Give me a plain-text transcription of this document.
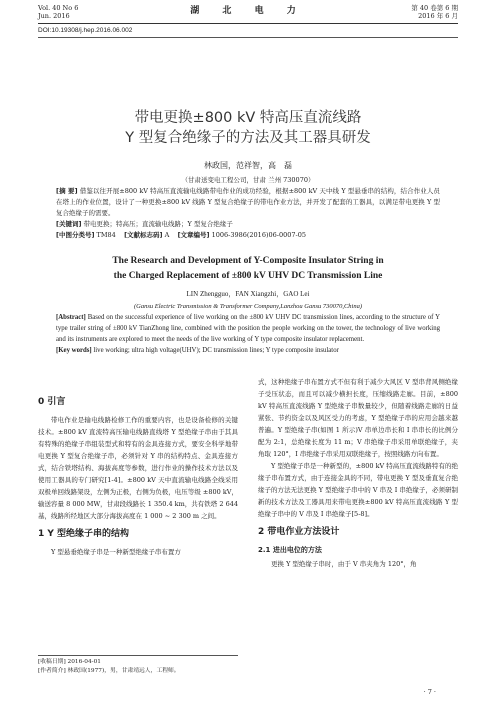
Vol. 40 No 6
Jun. 2016	湖 北 电 力	第 40 卷第 6 期
2016 年 6 月
DOI:10.19308/j.hep.2016.06.002
带电更换±800 kV 特高压直流线路
Y 型复合绝缘子的方法及其工器具研发
林政国，范祥智，高　磊
（甘肃送变电工程公司，甘肃 兰州 730070）
[摘 要] 借鉴以往开展±800 kV 特高压直流输电线路带电作业的成功经验，根据±800 kV 天中线 Y 型悬垂串的结构，结合作业人员在塔上的作业位置，设计了一种更换±800 kV 线路 Y 型复合绝缘子的带电作业方法，并开发了配套的工器具，以满足带电更换 Y 型复合绝缘子的需要。
[关键词] 带电更换；特高压；直流输电线路；Y 型复合绝缘子
[中图分类号] TM84 [文献标志码] A [文章编号] 1006-3986(2016)06-0007-05
The Research and Development of Y-Composite Insulator String in
the Charged Replacement of ±800 kV UHV DC Transmission Line
LIN Zhengguo，FAN Xiangzhi，GAO Lei
(Gansu Electric Transmission & Transformer Company,Lanzhou Gansu 730070,China)
[Abstract] Based on the successful experience of live working on the ±800 kV UHV DC transmission lines, according to the structure of Y type trailer string of ±800 kV TianZhong line, combined with the position the people working on the tower, the technology of live working and its instruments are explored to meet the needs of the live working of Y type composite insulator replacement.
[Key words] live working; ultra high voltage(UHV); DC transmission lines; Y type composite insulator
0 引言

带电作业是输电线路检修工作的重要内容，也是设备检修的关键技术。±800 kV 直流特高压输电线路直线塔 Y 型绝缘子串由于其具有特殊的绝缘子串组装型式和特有的金具连接方式，要安全科学地带电更换 Y 型复合绝缘子串，必须针对 Y 串的结构特点、金具连接方式，结合铁塔结构、海拔高度等参数，进行作业的操作技术方法以及使用工器具的专门研究[1-4]。±800 kV 天中直流输电线路全线采用双极单回线路架设，左侧为正极，右侧为负极，电压等级 ±800 kV，输送容量 8 000 MW，甘肃段线路长 1 350.4 km，共有铁塔 2 644 基，线路所经地区大部分海拔高度在 1 000 ~ 2 300 m 之间。

1 Y 型绝缘子串的结构

Y 型悬垂绝缘子串是一种新型绝缘子串布置方

式，这种绝缘子串布置方式不但有利于减少大风区 V 型串背风侧绝缘子受压状态，而且可以减少横担长度，压缩线路走廊。目前，±800 kV 特高压直流线路 Y 型绝缘子串数量较少，但随着线路走廊的日益紧张、节约资金以及风区受力的考虑，Y 型绝缘子串的应用会越来越普遍。Y 型绝缘子串(如图 1 所示)V 串单边串长和 I 串串长的比例分配为 2:1，总绝缘长度为 11 m；V 串绝缘子串采用单联绝缘子，夹角取 120°，I 串绝缘子串采用双联绝缘子，按照线路方向布置。

Y 型绝缘子串是一种新型的，±800 kV 特高压直流线路特有的绝缘子串布置方式，由于连接金具的不同，带电更换 Y 型及垂直复合绝缘子的方法无法更换 Y 型绝缘子串中的 V 串及 I 串绝缘子，必须研制新的技术方法及工器具用来带电更换±800 kV 特高压直流线路 Y 型绝缘子串中的 V 串及 I 串绝缘子[5-8]。

2 带电作业方法设计
2.1 进出电位的方法

更换 Y 型绝缘子串时，由于 V 串夹角为 120°，角

[收稿日期] 2016-04-01
[作者简介] 林政国(1977)，男，甘肃靖远人，工程师。
· 7 ·
